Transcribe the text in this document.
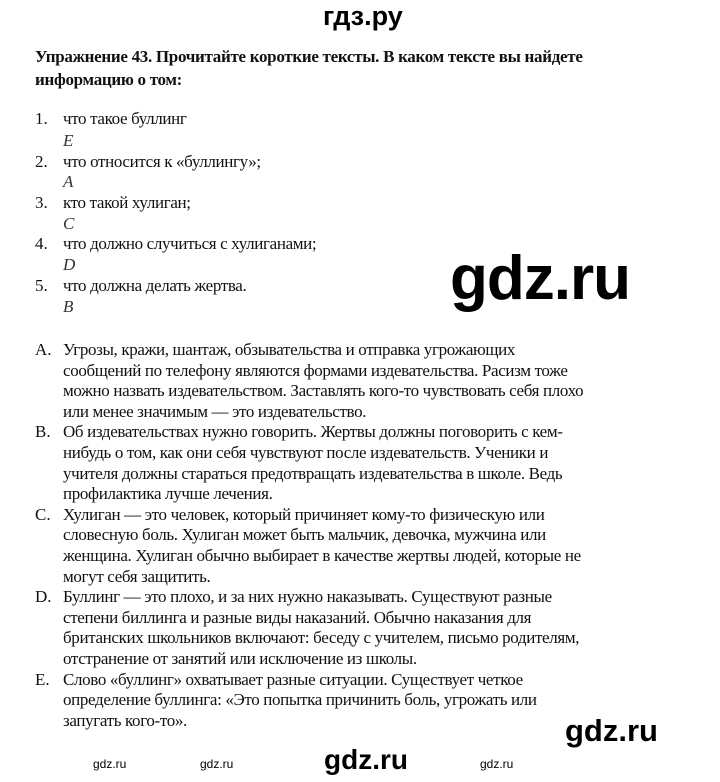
гдз.ру
Упражнение 43. Прочитайте короткие тексты. В каком тексте вы найдете
информацию о том:
1. что такое буллинг
E
2. что относится к «буллингу»;
A
3. кто такой хулиган;
C
4. что должно случиться с хулиганами;
D
5. что должна делать жертва.
B	gdz.ru
A. Угрозы, кражи, шантаж, обзывательства и отправка угрожающих
сообщений по телефону являются формами издевательства. Расизм тоже
можно назвать издевательством. Заставлять кого-то чувствовать себя плохо
или менее значимым — это издевательство.
B. Об издевательствах нужно говорить. Жертвы должны поговорить с кем-
нибудь о том, как они себя чувствуют после издевательств. Ученики и
учителя должны стараться предотвращать издевательства в школе. Ведь
профилактика лучше лечения.
C. Хулиган — это человек, который причиняет кому-то физическую или
словесную боль. Хулиган может быть мальчик, девочка, мужчина или
женщина. Хулиган обычно выбирает в качестве жертвы людей, которые не
могут себя защитить.
D. Буллинг — это плохо, и за них нужно наказывать. Существуют разные
степени биллинга и разные виды наказаний. Обычно наказания для
британских школьников включают: беседу с учителем, письмо родителям,
отстранение от занятий или исключение из школы.
E. Слово «буллинг» охватывает разные ситуации. Существует четкое
определение буллинга: «Это попытка причинить боль, угрожать или
запугать кого-то».	gdz.ru
gdz.ru	gdz.ru	gdz.ru
gdz.ru
